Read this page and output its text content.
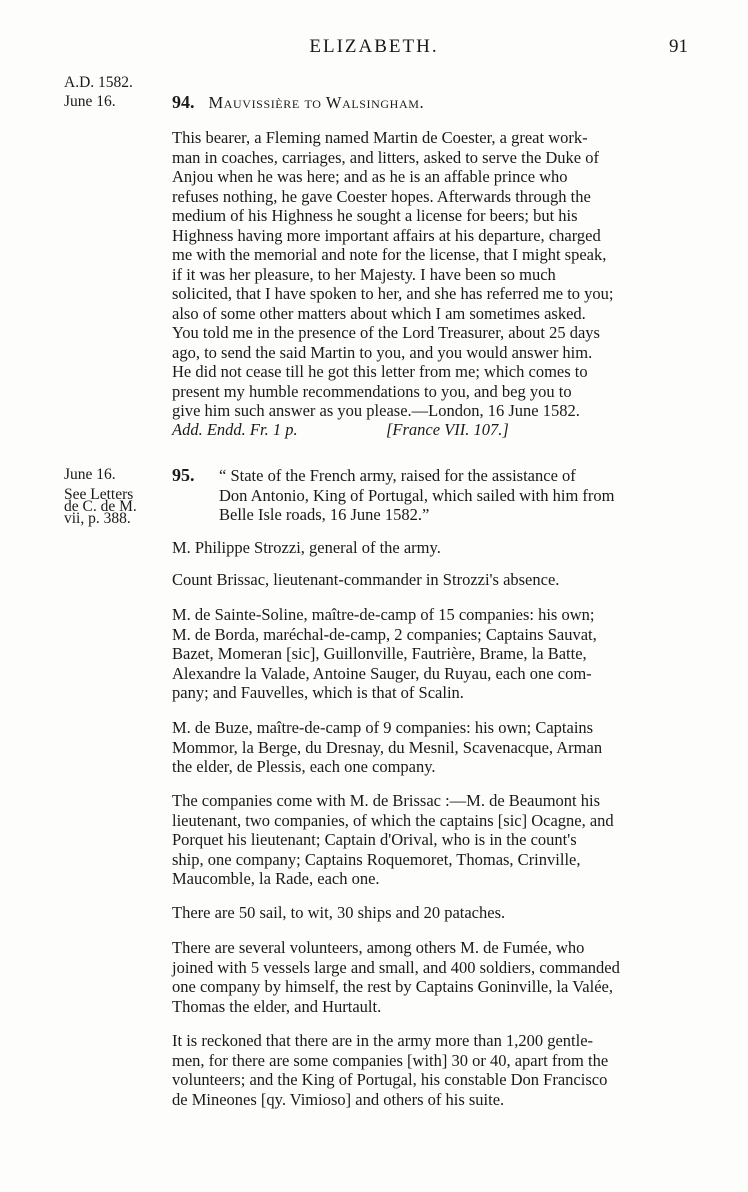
ELIZABETH.	91
A.D. 1582.
June 16.	94. Mauvissière to Walsingham.
This bearer, a Fleming named Martin de Coester, a great work-
man in coaches, carriages, and litters, asked to serve the Duke of
Anjou when he was here; and as he is an affable prince who
refuses nothing, he gave Coester hopes. Afterwards through the
medium of his Highness he sought a license for beers; but his
Highness having more important affairs at his departure, charged
me with the memorial and note for the license, that I might speak,
if it was her pleasure, to her Majesty. I have been so much
solicited, that I have spoken to her, and she has referred me to you;
also of some other matters about which I am sometimes asked.
You told me in the presence of the Lord Treasurer, about 25 days
ago, to send the said Martin to you, and you would answer him.
He did not cease till he got this letter from me; which comes to
present my humble recommendations to you, and beg you to
give him such answer as you please.—London, 16 June 1582.
Add. Endd. Fr. 1 p.	[France VII. 107.]
June 16.
See Letters
de C. de M.
vii, p. 388.
95.	“ State of the French army, raised for the assistance of
Don Antonio, King of Portugal, which sailed with him from
Belle Isle roads, 16 June 1582.”
M. Philippe Strozzi, general of the army.
Count Brissac, lieutenant-commander in Strozzi's absence.
M. de Sainte-Soline, maître-de-camp of 15 companies: his own;
M. de Borda, maréchal-de-camp, 2 companies; Captains Sauvat,
Bazet, Momeran [sic], Guillonville, Fautrière, Brame, la Batte,
Alexandre la Valade, Antoine Sauger, du Ruyau, each one com-
pany; and Fauvelles, which is that of Scalin.
M. de Buze, maître-de-camp of 9 companies: his own; Captains
Mommor, la Berge, du Dresnay, du Mesnil, Scavenacque, Arman
the elder, de Plessis, each one company.
The companies come with M. de Brissac :—M. de Beaumont his
lieutenant, two companies, of which the captains [sic] Ocagne, and
Porquet his lieutenant; Captain d'Orival, who is in the count's
ship, one company; Captains Roquemoret, Thomas, Crinville,
Maucomble, la Rade, each one.
There are 50 sail, to wit, 30 ships and 20 pataches.
There are several volunteers, among others M. de Fumée, who
joined with 5 vessels large and small, and 400 soldiers, commanded
one company by himself, the rest by Captains Goninville, la Valée,
Thomas the elder, and Hurtault.
It is reckoned that there are in the army more than 1,200 gentle-
men, for there are some companies [with] 30 or 40, apart from the
volunteers; and the King of Portugal, his constable Don Francisco
de Mineones [qy. Vimioso] and others of his suite.
